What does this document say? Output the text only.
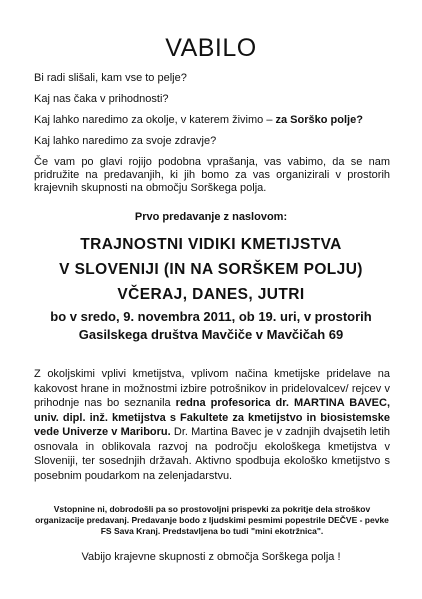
VABILO

Bi radi slišali, kam vse to pelje?

Kaj nas čaka v prihodnosti?

Kaj lahko naredimo za okolje, v katerem živimo – za Sorško polje?

Kaj lahko naredimo za svoje zdravje?

Če vam po glavi rojijo podobna vprašanja, vas vabimo, da se nam pridružite na predavanjih, ki jih bomo za vas organizirali v prostorih krajevnih skupnosti na območju Sorškega polja.

Prvo predavanje z naslovom:
TRAJNOSTNI VIDIKI KMETIJSTVA
V SLOVENIJI (IN NA SORŠKEM POLJU)
VČERAJ, DANES, JUTRI
bo v sredo, 9. novembra 2011, ob 19. uri, v prostorih
Gasilskega društva Mavčiče v Mavčičah 69
Z okoljskimi vplivi kmetijstva, vplivom načina kmetijske pridelave na kakovost hrane in možnostmi izbire potrošnikov in pridelovalcev/ rejcev v prihodnje nas bo seznanila redna profesorica dr. MARTINA BAVEC, univ. dipl. inž. kmetijstva s Fakultete za kmetijstvo in biosistemske vede Univerze v Mariboru. Dr. Martina Bavec je v zadnjih dvajsetih letih osnovala in oblikovala razvoj na področju ekološkega kmetijstva v Sloveniji, ter sosednjih državah. Aktivno spodbuja ekološko kmetijstvo s posebnim poudarkom na zelenjadarstvu.
Vstopnine ni, dobrodošli pa so prostovoljni prispevki za pokritje dela stroškov organizacije predavanj. Predavanje bodo z ljudskimi pesmimi popestrile DEČVE - pevke FS Sava Kranj. Predstavljena bo tudi "mini ekotržnica".
Vabijo krajevne skupnosti z območja Sorškega polja !
